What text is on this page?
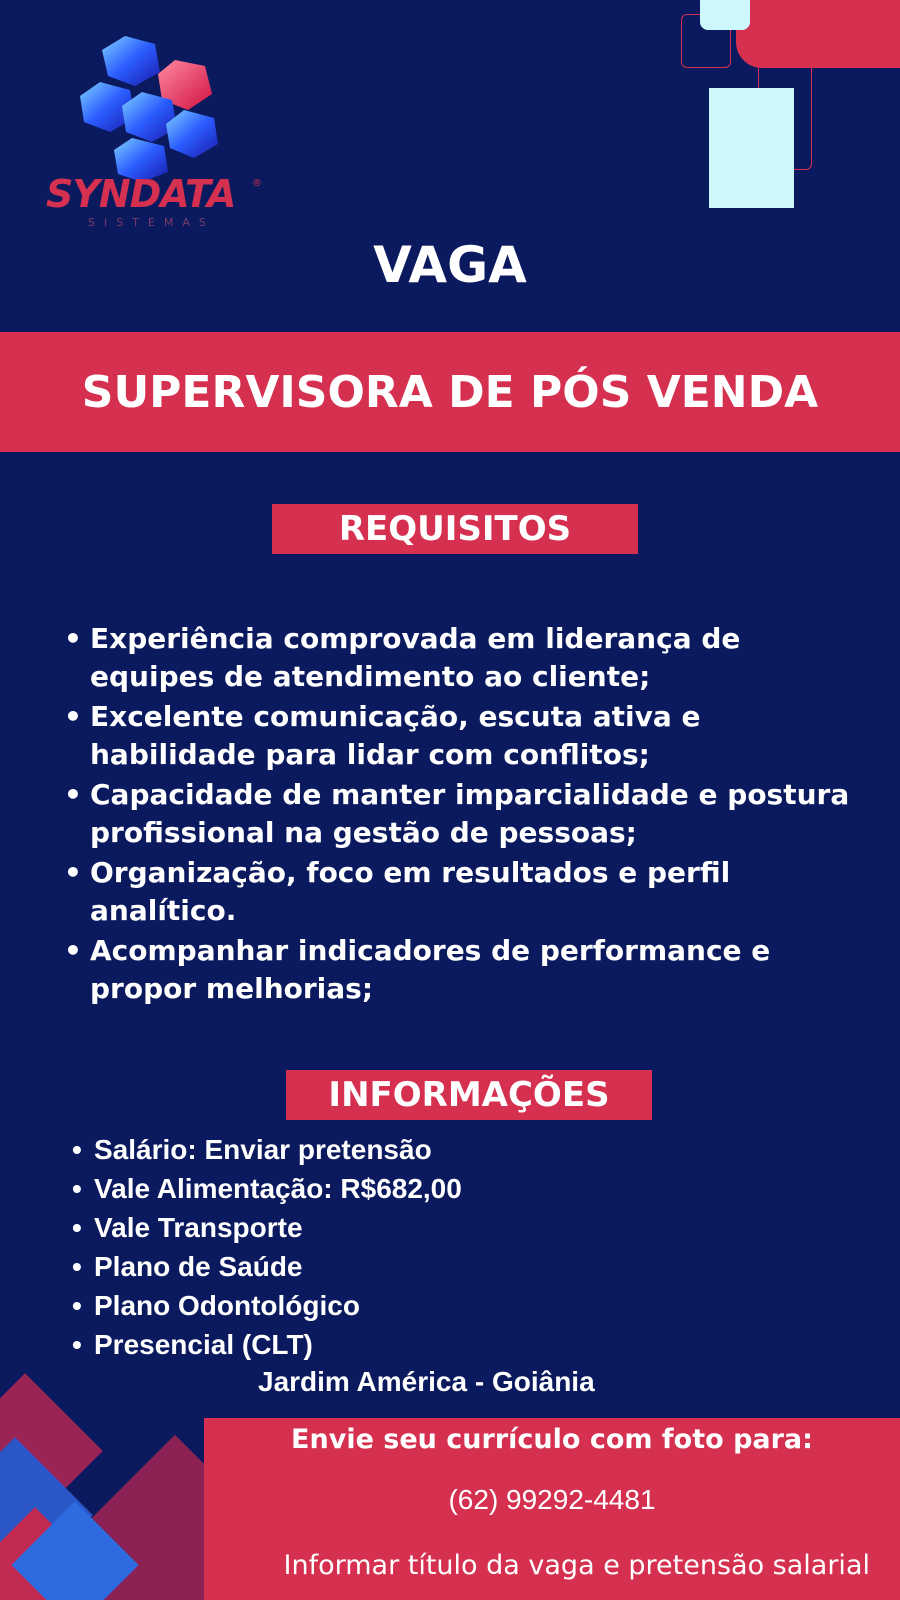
SYNDATA ®
SISTEMAS
VAGA
SUPERVISORA DE PÓS VENDA
REQUISITOS
• Experiência comprovada em liderança de equipes de atendimento ao cliente;
• Excelente comunicação, escuta ativa e habilidade para lidar com conflitos;
• Capacidade de manter imparcialidade e postura profissional na gestão de pessoas;
• Organização, foco em resultados e perfil analítico.
• Acompanhar indicadores de performance e propor melhorias;
INFORMAÇÕES
• Salário: Enviar pretensão
• Vale Alimentação: R$682,00
• Vale Transporte
• Plano de Saúde
• Plano Odontológico
• Presencial (CLT)
Jardim América - Goiânia
Envie seu currículo com foto para:
(62) 99292-4481
Informar título da vaga e pretensão salarial
